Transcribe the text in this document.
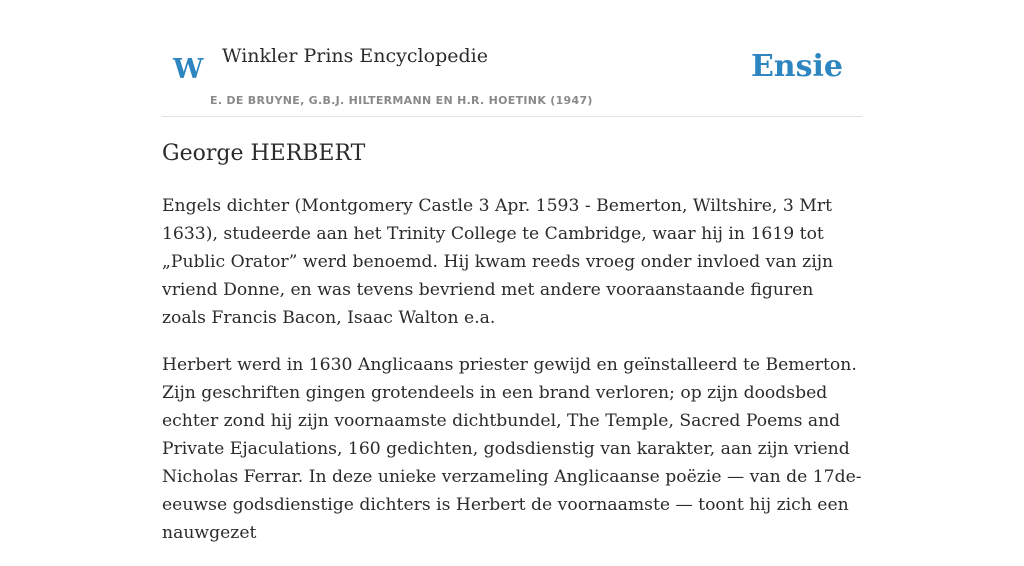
W Winkler Prins Encyclopedie
E. DE BRUYNE, G.B.J. HILTERMANN EN H.R. HOETINK (1947)
Ensie
George HERBERT

Engels dichter (Montgomery Castle 3 Apr. 1593 - Bemerton, Wiltshire, 3 Mrt 1633), studeerde aan het Trinity College te Cambridge, waar hij in 1619 tot „Public Orator” werd benoemd. Hij kwam reeds vroeg onder invloed van zijn vriend Donne, en was tevens bevriend met andere vooraanstaande figuren zoals Francis Bacon, Isaac Walton e.a.

Herbert werd in 1630 Anglicaans priester gewijd en geïnstalleerd te Bemerton. Zijn geschriften gingen grotendeels in een brand verloren; op zijn doodsbed echter zond hij zijn voornaamste dichtbundel, The Temple, Sacred Poems and Private Ejaculations, 160 gedichten, godsdienstig van karakter, aan zijn vriend Nicholas Ferrar. In deze unieke verzameling Anglicaanse poëzie — van de 17de-eeuwse godsdienstige dichters is Herbert de voornaamste — toont hij zich een nauwgezet
